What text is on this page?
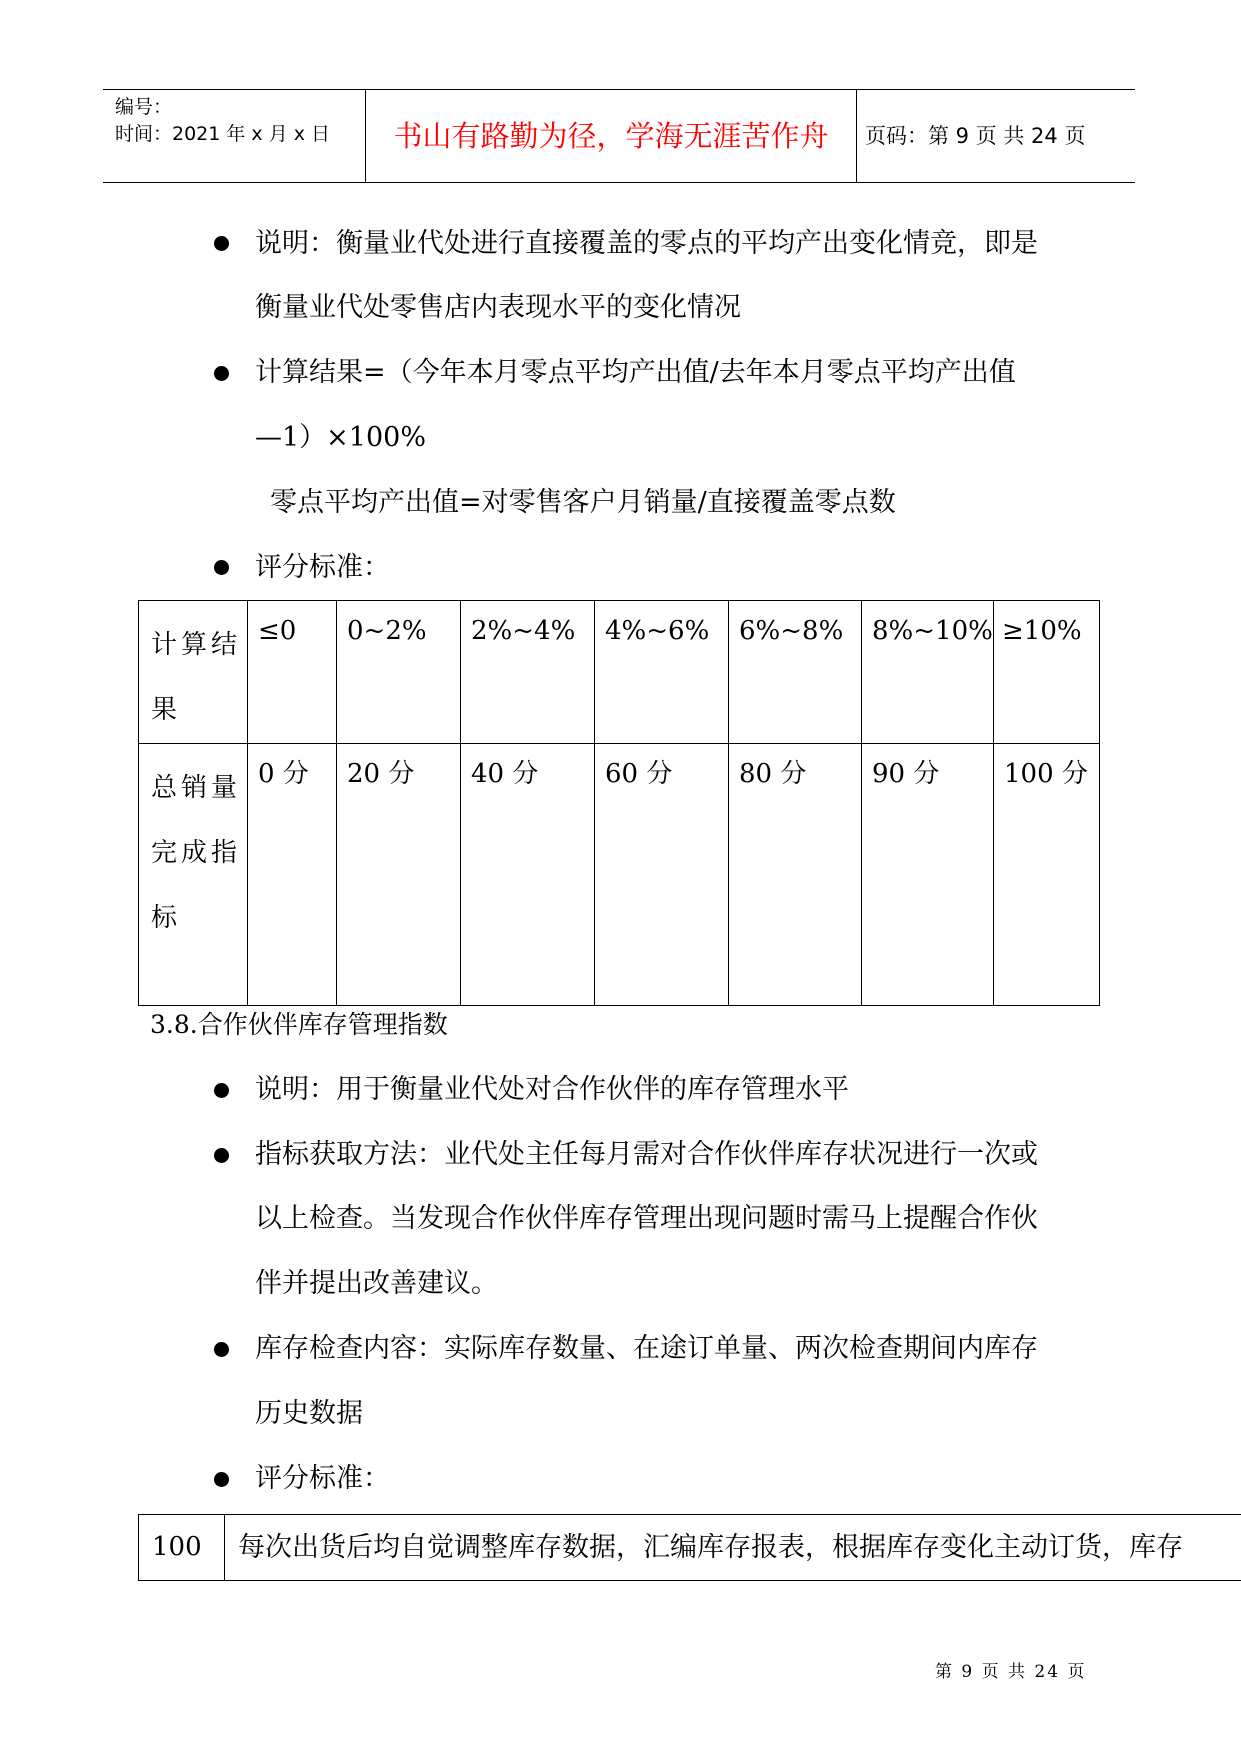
编号：
时间：2021 年 x 月 x 日	书山有路勤为径，学海无涯苦作舟	页码：第 9 页 共 24 页
说明：衡量业代处进行直接覆盖的零点的平均产出变化情竞，即是
衡量业代处零售店内表现水平的变化情况
计算结果=（今年本月零点平均产出值/去年本月零点平均产出值
—1）×100%
零点平均产出值=对零售客户月销量/直接覆盖零点数
评分标准：
计算结果	≤0	0~2%	2%~4%	4%~6%	6%~8%	8%~10%	≥10%

总销量完成指标	0 分	20 分	40 分	60 分	80 分	90 分	100 分
3.8.合作伙伴库存管理指数
说明：用于衡量业代处对合作伙伴的库存管理水平
指标获取方法：业代处主任每月需对合作伙伴库存状况进行一次或
以上检查。当发现合作伙伴库存管理出现问题时需马上提醒合作伙
伴并提出改善建议。
库存检查内容：实际库存数量、在途订单量、两次检查期间内库存
历史数据
评分标准：
100	每次出货后均自觉调整库存数据，汇编库存报表，根据库存变化主动订货，库存
第 9 页 共 24 页
